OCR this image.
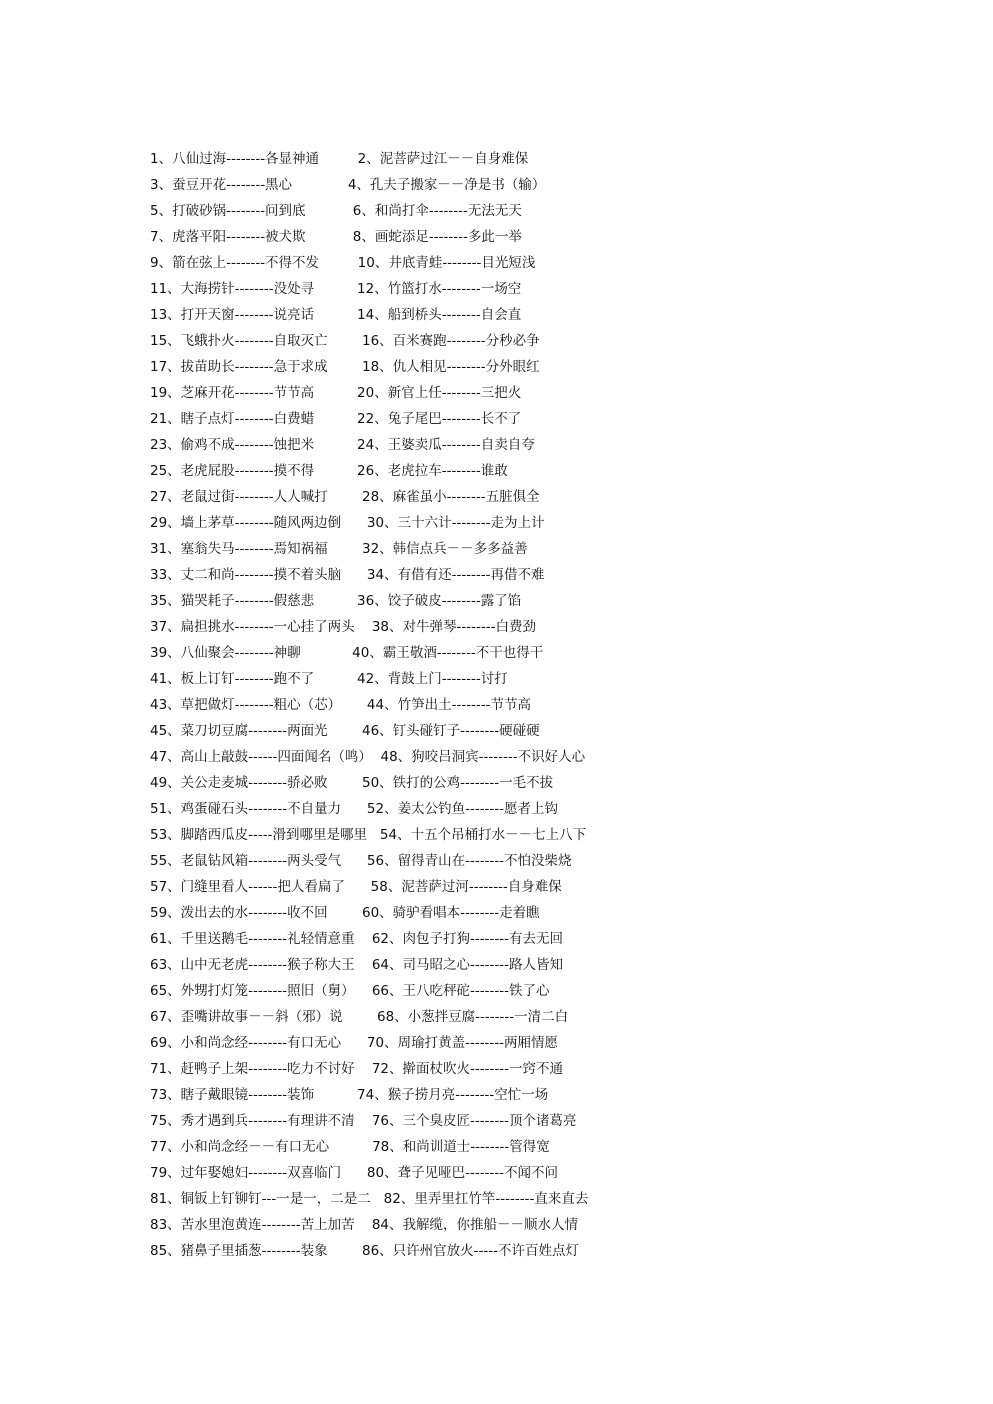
1、八仙过海--------各显神通         2、泥菩萨过江－－自身难保
3、蚕豆开花--------黑心             4、孔夫子搬家－－净是书（输）
5、打破砂锅--------问到底           6、和尚打伞--------无法无天
7、虎落平阳--------被犬欺           8、画蛇添足--------多此一举
9、箭在弦上--------不得不发         10、井底青蛙--------目光短浅
11、大海捞针--------没处寻          12、竹篮打水--------一场空
13、打开天窗--------说亮话          14、船到桥头--------自会直
15、飞蛾扑火--------自取灭亡        16、百米赛跑--------分秒必争
17、拔苗助长--------急于求成        18、仇人相见--------分外眼红
19、芝麻开花--------节节高          20、新官上任--------三把火
21、瞎子点灯--------白费蜡          22、兔子尾巴--------长不了
23、偷鸡不成--------蚀把米          24、王婆卖瓜--------自卖自夸
25、老虎屁股--------摸不得          26、老虎拉车--------谁敢
27、老鼠过街--------人人喊打        28、麻雀虽小--------五脏俱全
29、墙上茅草--------随风两边倒      30、三十六计--------走为上计
31、塞翁失马--------焉知祸福        32、韩信点兵－－多多益善
33、丈二和尚--------摸不着头脑      34、有借有还--------再借不难
35、猫哭耗子--------假慈悲          36、饺子破皮--------露了馅
37、扁担挑水--------一心挂了两头    38、对牛弹琴--------白费劲
39、八仙聚会--------神聊            40、霸王敬酒--------不干也得干
41、板上订钉--------跑不了          42、背鼓上门--------讨打
43、草把做灯--------粗心（芯）      44、竹笋出土--------节节高
45、菜刀切豆腐--------两面光        46、钉头碰钉子--------硬碰硬
47、高山上敲鼓------四面闻名（鸣）  48、狗咬吕洞宾--------不识好人心
49、关公走麦城--------骄必败        50、铁打的公鸡--------一毛不拔
51、鸡蛋碰石头--------不自量力      52、姜太公钓鱼--------愿者上钩
53、脚踏西瓜皮-----滑到哪里是哪里   54、十五个吊桶打水－－七上八下
55、老鼠钻风箱--------两头受气      56、留得青山在--------不怕没柴烧
57、门缝里看人------把人看扁了      58、泥菩萨过河--------自身难保
59、泼出去的水--------收不回        60、骑驴看唱本--------走着瞧
61、千里送鹅毛--------礼轻情意重    62、肉包子打狗--------有去无回
63、山中无老虎--------猴子称大王    64、司马昭之心--------路人皆知
65、外甥打灯笼--------照旧（舅）    66、王八吃秤砣--------铁了心
67、歪嘴讲故事－－斜（邪）说        68、小葱拌豆腐--------一清二白
69、小和尚念经--------有口无心      70、周瑜打黄盖--------两厢情愿
71、赶鸭子上架--------吃力不讨好    72、擀面杖吹火--------一窍不通
73、瞎子戴眼镜--------装饰          74、猴子捞月亮--------空忙一场
75、秀才遇到兵--------有理讲不清    76、三个臭皮匠--------顶个诸葛亮
77、小和尚念经－－有口无心          78、和尚训道士--------管得宽
79、过年娶媳妇--------双喜临门      80、聋子见哑巴--------不闻不问
81、铜钣上钉铆钉---一是一，二是二   82、里弄里扛竹竿--------直来直去
83、苦水里泡黄连--------苦上加苦    84、我解缆，你推船－－顺水人情
85、猪鼻子里插葱--------装象        86、只许州官放火-----不许百姓点灯
